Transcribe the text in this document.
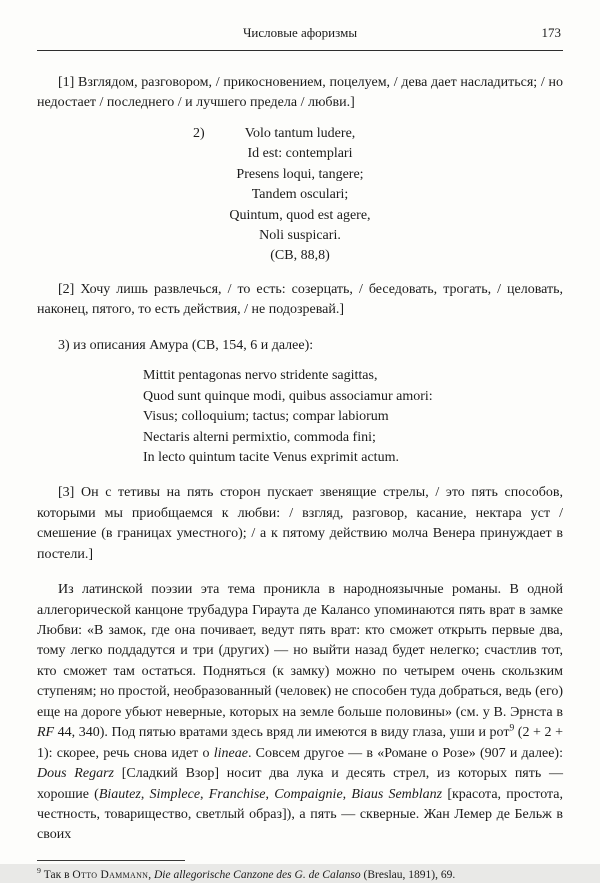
Числовые афоризмы	173

[1] Взглядом, разговором, / прикосновением, поцелуем, / дева дает насладиться; / но недостает / последнего / и лучшего предела / любви.]

2)	Volo tantum ludere,
Id est: contemplari
Presens loqui, tangere;
Tandem osculari;
Quintum, quod est agere,
Noli suspicari.
(CB, 88,8)

[2] Хочу лишь развлечься, / то есть: созерцать, / беседовать, трогать, / целовать, наконец, пятого, то есть действия, / не подозревай.]

3) из описания Амура (CB, 154, 6 и далее):

Mittit pentagonas nervo stridente sagittas,
Quod sunt quinque modi, quibus associamur amori:
Visus; colloquium; tactus; compar labiorum
Nectaris alterni permixtio, commoda fini;
In lecto quintum tacite Venus exprimit actum.

[3] Он с тетивы на пять сторон пускает звенящие стрелы, / это пять способов, которыми мы приобщаемся к любви: / взгляд, разговор, касание, нектара уст / смешение (в границах уместного); / а к пятому действию молча Венера принуждает в постели.]

Из латинской поэзии эта тема проникла в народноязычные романы. В одной аллегорической канцоне трубадура Гираута де Калансо упоминаются пять врат в замке Любви: «В замок, где она почивает, ведут пять врат: кто сможет открыть первые два, тому легко поддадутся и три (других) — но выйти назад будет нелегко; счастлив тот, кто сможет там остаться. Подняться (к замку) можно по четырем очень скользким ступеням; но простой, необразованный (человек) не способен туда добраться, ведь (его) еще на дороге убьют неверные, которых на земле больше половины» (см. у В. Эрнста в RF 44, 340). Под пятью вратами здесь вряд ли имеются в виду глаза, уши и рот$^9$ (2 + 2 + 1): скорее, речь снова идет о lineae. Совсем другое — в «Романе о Розе» (907 и далее): Dous Regarz [Сладкий Взор] носит два лука и десять стрел, из которых пять — хорошие (Biautez, Simplece, Franchise, Compaignie, Biaus Semblanz [красота, простота, честность, товарищество, светлый образ]), а пять — скверные. Жан Лемер де Бельж в своих

$^9$ Так в Otto Dammann, Die allegorische Canzone des G. de Calanso (Breslau, 1891), 69.
